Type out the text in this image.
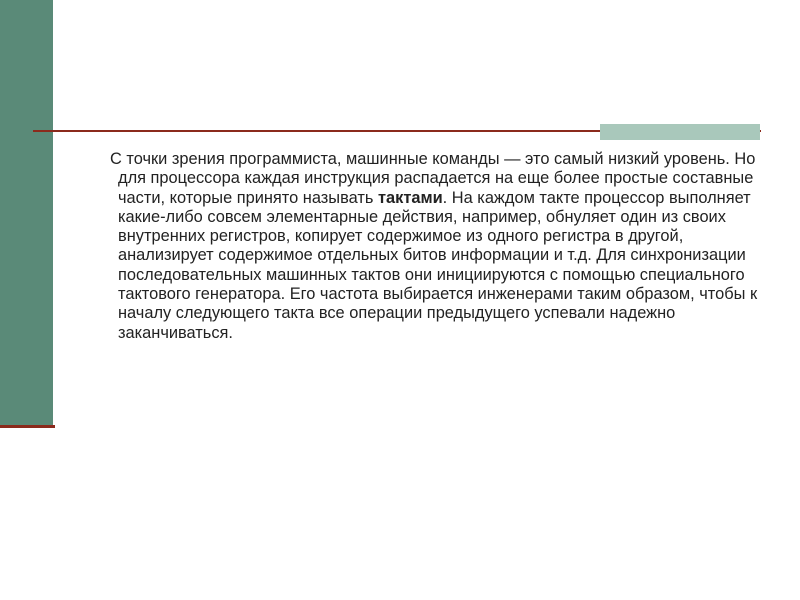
С точки зрения программиста, машинные команды — это самый низкий уровень. Но для процессора каждая инструкция распадается на еще более простые составные части, которые принято называть тактами. На каждом такте процессор выполняет какие-либо совсем элементарные действия, например, обнуляет один из своих внутренних регистров, копирует содержимое из одного регистра в другой, анализирует содержимое отдельных битов информации и т.д. Для синхронизации последовательных машинных тактов они инициируются с помощью специального тактового генератора. Его частота выбирается инженерами таким образом, чтобы к началу следующего такта все операции предыдущего успевали надежно заканчиваться.
